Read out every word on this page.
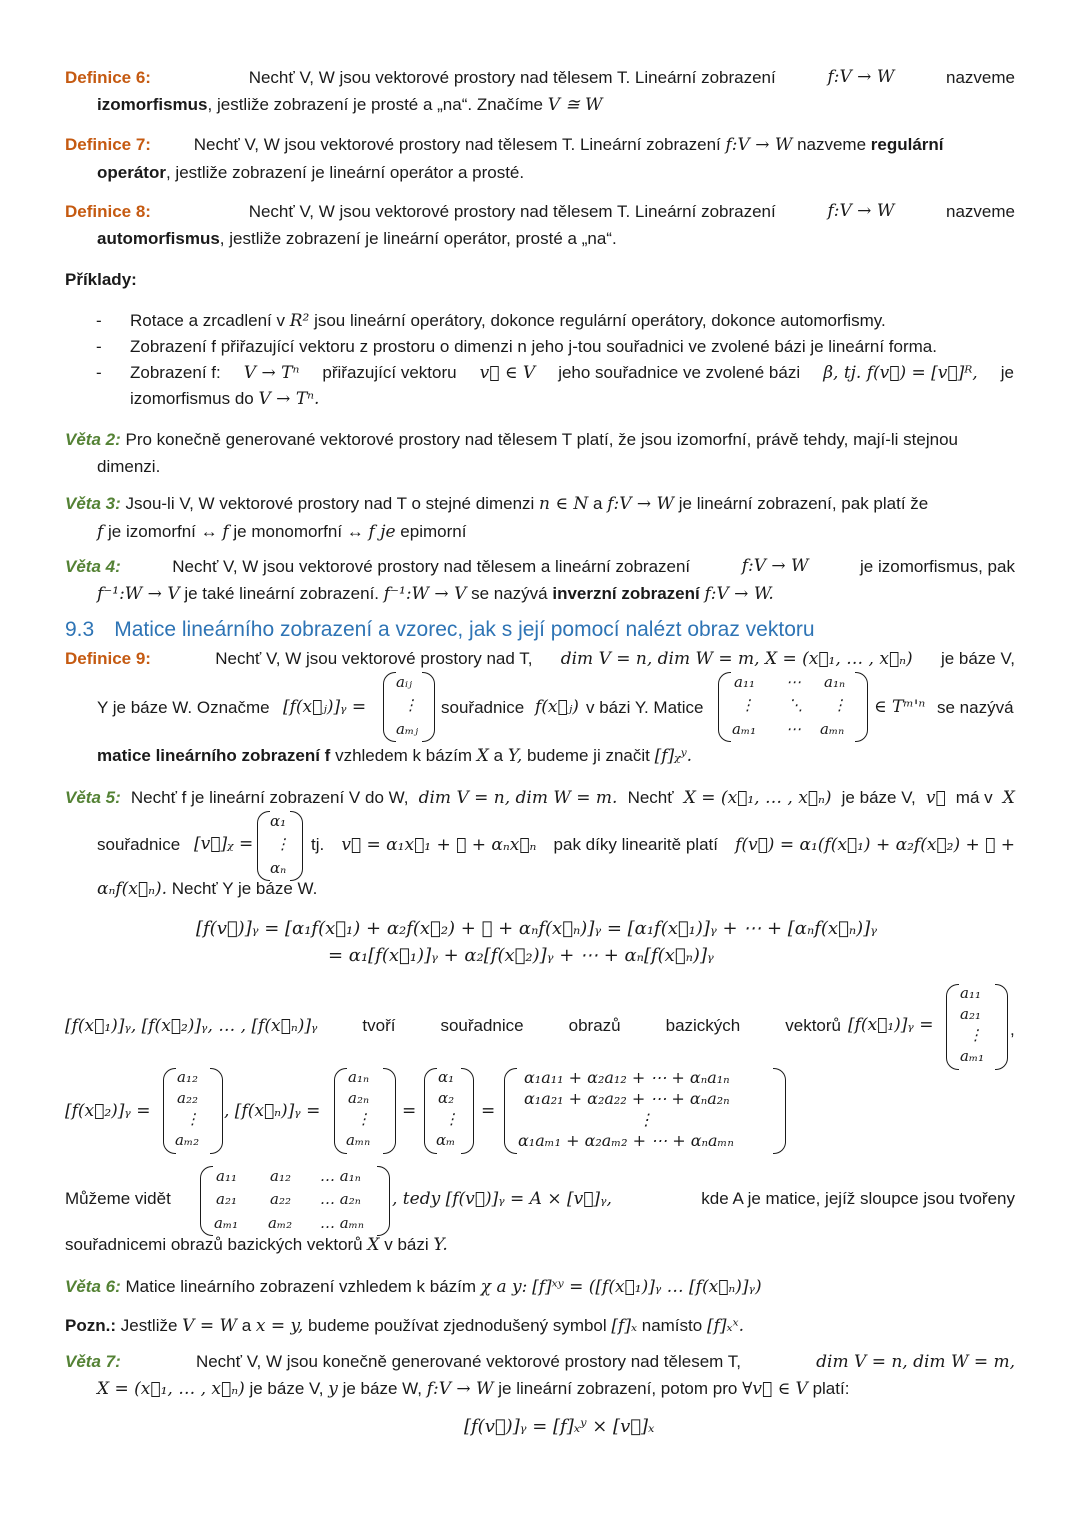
Definice 6:	Nechť V, W jsou vektorové prostory nad tělesem T. Lineární zobrazení	f:V → W	nazveme
izomorfismus, jestliže zobrazení je prosté a „na“. Značíme V ≅ W
Definice 7:	Nechť V, W jsou vektorové prostory nad tělesem T. Lineární zobrazení f:V → W nazveme regulární
operátor, jestliže zobrazení je lineární operátor a prosté.
Definice 8:	Nechť V, W jsou vektorové prostory nad tělesem T. Lineární zobrazení	f:V → W	nazveme
automorfismus, jestliže zobrazení je lineární operátor, prosté a „na“.
Příklady:
- Rotace a zrcadlení v R² jsou lineární operátory, dokonce regulární operátory, dokonce automorfismy.
- Zobrazení f přiřazující vektoru z prostoru o dimenzi n jeho j-tou souřadnici ve zvolené bázi je lineární forma.
- Zobrazení f: V → Tⁿ přiřazující vektoru v⃗ ∈ V jeho souřadnice ve zvolené bázi β, tj. f(v⃗) = [v⃗]ᴿ, je
izomorfismus do V → Tⁿ.
Věta 2: Pro konečně generované vektorové prostory nad tělesem T platí, že jsou izomorfní, právě tehdy, mají-li stejnou
dimenzi.
Věta 3: Jsou-li V, W vektorové prostory nad T o stejné dimenzi n ∈ N a f:V → W je lineární zobrazení, pak platí že
f je izomorfní ↔ f je monomorfní ↔ f je epimorní
Věta 4:	Nechť V, W jsou vektorové prostory nad tělesem a lineární zobrazení	f:V → W	je izomorfismus, pak
f⁻¹:W → V je také lineární zobrazení. f⁻¹:W → V se nazývá inverzní zobrazení f:V → W.
9.3 Matice lineárního zobrazení a vzorec, jak s její pomocí nalézt obraz vektoru
Definice 9:	Nechť V, W jsou vektorové prostory nad T, dim V = n, dim W = m, X = (x⃗₁, … , x⃗ₙ) je báze V,
Y je báze W. Označme [f(x⃗ⱼ)]ᵧ =
aᵢⱼ
⋮
aₘⱼ
souřadnice f(x⃗ⱼ) v bázi Y. Matice
a₁₁ ⋯ a₁ₙ
⋮ ⋱ ⋮
aₘ₁ ⋯ aₘₙ
∈ Tᵐ'ⁿ se nazývá
matice lineárního zobrazení f vzhledem k bázím X a Y, budeme ji značit [f]ᵪʸ.
Věta 5: Nechť f je lineární zobrazení V do W, dim V = n, dim W = m. Nechť X = (x⃗₁, … , x⃗ₙ) je báze V, v⃗ má v X
souřadnice [v⃗]ᵪ =
α₁
⋮
αₙ
tj. v⃗ = α₁x⃗₁ + ⋯ + αₙx⃗ₙ pak díky linearitě platí f(v⃗) = α₁(f(x⃗₁) + α₂f(x⃗₂) + ⋯ +
αₙf(x⃗ₙ). Nechť Y je báze W.
[f(v⃗)]ᵧ = [α₁f(x⃗₁) + α₂f(x⃗₂) + ⋯ + αₙf(x⃗ₙ)]ᵧ = [α₁f(x⃗₁)]ᵧ + ⋯ + [αₙf(x⃗ₙ)]ᵧ
= α₁[f(x⃗₁)]ᵧ + α₂[f(x⃗₂)]ᵧ + ⋯ + αₙ[f(x⃗ₙ)]ᵧ
[f(x⃗₁)]ᵧ, [f(x⃗₂)]ᵧ, … , [f(x⃗ₙ)]ᵧ	tvoří	souřadnice	obrazů	bazických	vektorů [f(x⃗₁)]ᵧ =
a₁₁
a₂₁
⋮
aₘ₁
,
[f(x⃗₂)]ᵧ =
a₁₂
a₂₂
⋮
aₘ₂
, [f(x⃗ₙ)]ᵧ =
a₁ₙ
a₂ₙ
⋮
aₘₙ
=
α₁
α₂
⋮
αₘ
=
α₁a₁₁ + α₂a₁₂ + ⋯ + αₙa₁ₙ
α₁a₂₁ + α₂a₂₂ + ⋯ + αₙa₂ₙ
⋮
α₁aₘ₁ + α₂aₘ₂ + ⋯ + αₙaₘₙ
Můžeme vidět
a₁₁ a₁₂ … a₁ₙ
a₂₁ a₂₂ … a₂ₙ
aₘ₁ aₘ₂ … aₘₙ
, tedy [f(v⃗)]ᵧ = A × [v⃗]ᵧ,	kde A je matice, jejíž sloupce jsou tvořeny
souřadnicemi obrazů bazických vektorů X v bázi Y.
Věta 6: Matice lineárního zobrazení vzhledem k bázím χ a y: [f]ˣʸ = ([f(x⃗₁)]ᵧ … [f(x⃗ₙ)]ᵧ)
Pozn.: Jestliže V = W a x = y, budeme používat zjednodušený symbol [f]ₓ namísto [f]ₓˣ.
Věta 7:	Nechť V, W jsou konečně generované vektorové prostory nad tělesem T,	dim V = n, dim W = m,
X = (x⃗₁, … , x⃗ₙ) je báze V, y je báze W, f:V → W je lineární zobrazení, potom pro ∀v⃗ ∈ V platí:
[f(v⃗)]ᵧ = [f]ₓʸ × [v⃗]ₓ
